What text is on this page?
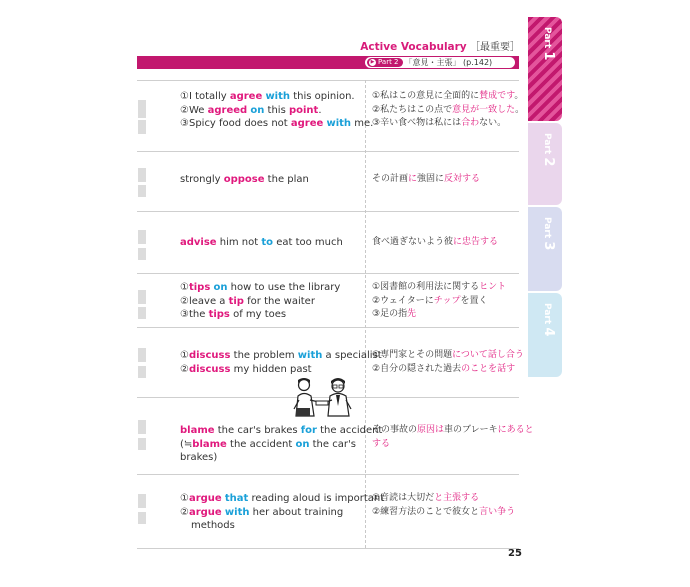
Active Vocabulary ［最重要］
▶ Part 2 「意見・主張」 (p.142)
①I totally agree with this opinion.
②We agreed on this point.
③Spicy food does not agree with me.
①私はこの意見に全面的に賛成です。
②私たちはこの点で意見が一致した。
③辛い食べ物は私には合わない。
strongly oppose the plan	その計画に強固に反対する
advise him not to eat too much	食べ過ぎないよう彼に忠告する
①tips on how to use the library
②leave a tip for the waiter
③the tips of my toes
①図書館の利用法に関するヒント
②ウェイターにチップを置く
③足の指先
①discuss the problem with a specialist
②discuss my hidden past
①専門家とその問題について話し合う
②自分の隠された過去のことを話す
blame the car's brakes for the accident
(≒blame the accident on the car's
brakes)
その事故の原因は車のブレーキにあると
する
①argue that reading aloud is important
②argue with her about training
methods
①音読は大切だと主張する
②練習方法のことで彼女と言い争う
Part 1
Part 2
Part 3
Part 4
25
